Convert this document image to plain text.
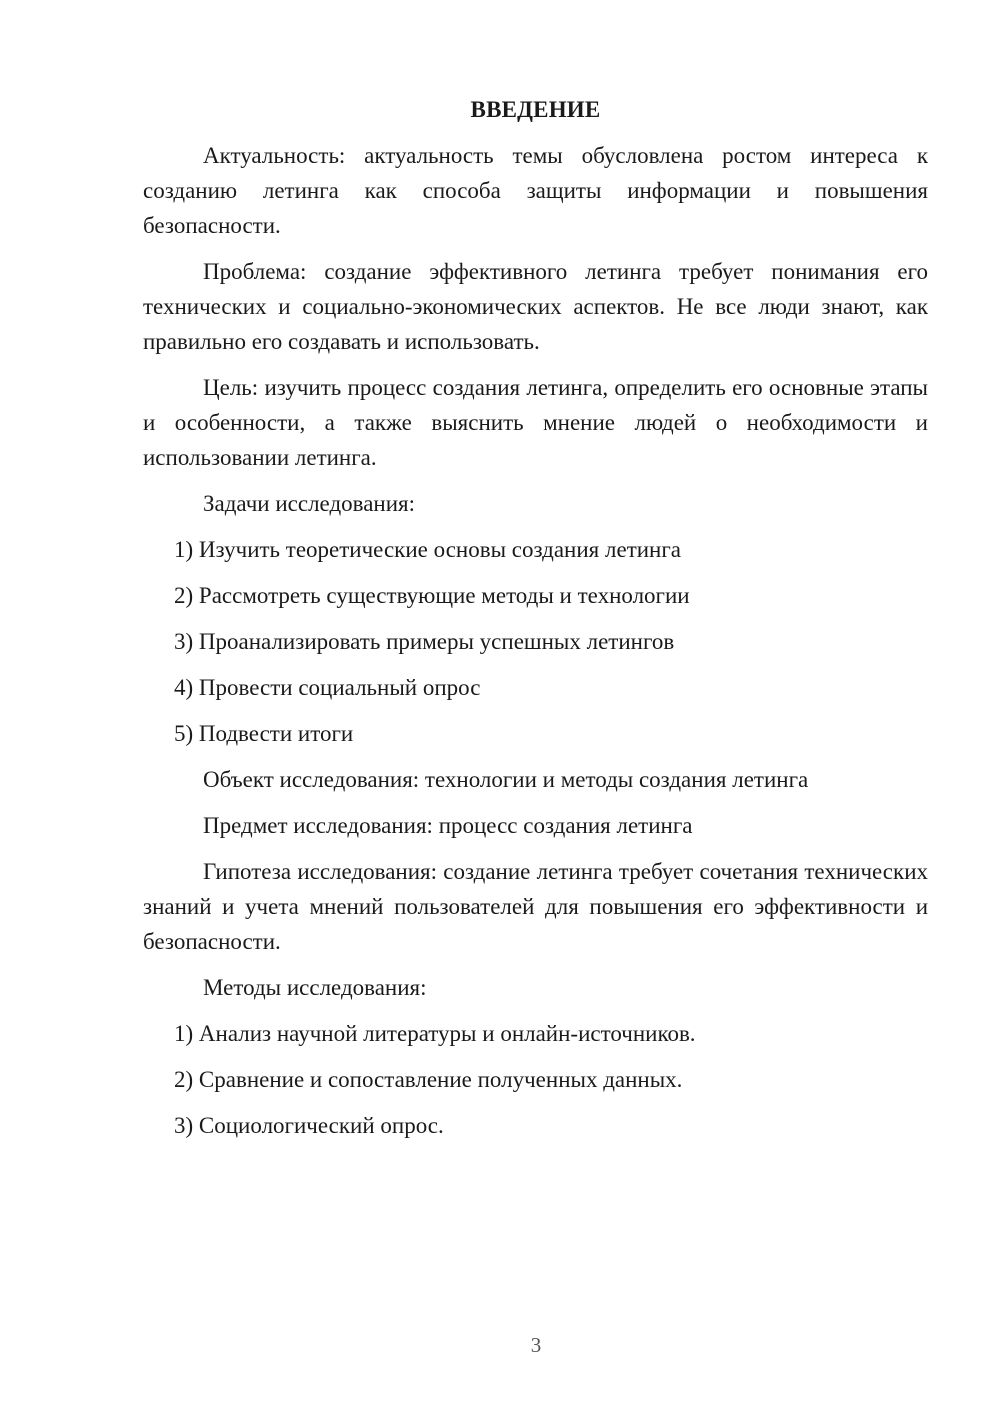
ВВЕДЕНИЕ

Актуальность: актуальность темы обусловлена ростом интереса к созданию летинга как способа защиты информации и повышения безопасности.

Проблема: создание эффективного летинга требует понимания его технических и социально-экономических аспектов. Не все люди знают, как правильно его создавать и использовать.

Цель: изучить процесс создания летинга, определить его основные этапы и особенности, а также выяснить мнение людей о необходимости и использовании летинга.

Задачи исследования:

1) Изучить теоретические основы создания летинга
2) Рассмотреть существующие методы и технологии
3) Проанализировать примеры успешных летингов
4) Провести социальный опрос
5) Подвести итоги

Объект исследования: технологии и методы создания летинга

Предмет исследования: процесс создания летинга

Гипотеза исследования: создание летинга требует сочетания технических знаний и учета мнений пользователей для повышения его эффективности и безопасности.

Методы исследования:

1) Анализ научной литературы и онлайн-источников.
2) Сравнение и сопоставление полученных данных.
3) Социологический опрос.
3
